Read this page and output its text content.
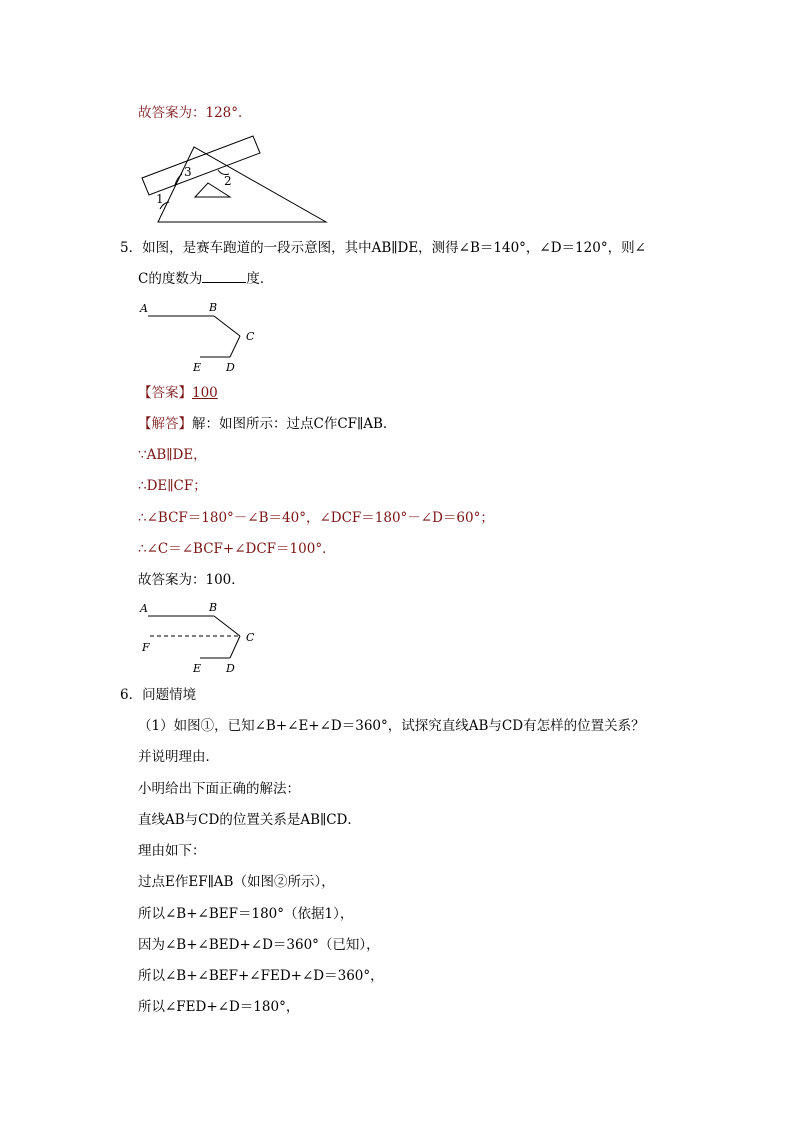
故答案为：128°．
1
2
3
5．如图，是赛车跑道的一段示意图，其中AB∥DE，测得∠B＝140°，∠D＝120°，则∠
C的度数为	度．
A	B
C
D
E
【答案】100
【解答】解：如图所示：过点C作CF∥AB．
∵AB∥DE，
∴DE∥CF；
∴∠BCF＝180°－∠B＝40°，∠DCF＝180°－∠D＝60°；
∴∠C＝∠BCF+∠DCF＝100°．
故答案为：100．
A	B
C
F
D
E
6．问题情境
（1）如图①，已知∠B+∠E+∠D＝360°，试探究直线AB与CD有怎样的位置关系？
并说明理由．
小明给出下面正确的解法：
直线AB与CD的位置关系是AB∥CD．
理由如下：
过点E作EF∥AB（如图②所示），
所以∠B+∠BEF＝180°（依据1），
因为∠B+∠BED+∠D＝360°（已知），
所以∠B+∠BEF+∠FED+∠D＝360°，
所以∠FED+∠D＝180°，
